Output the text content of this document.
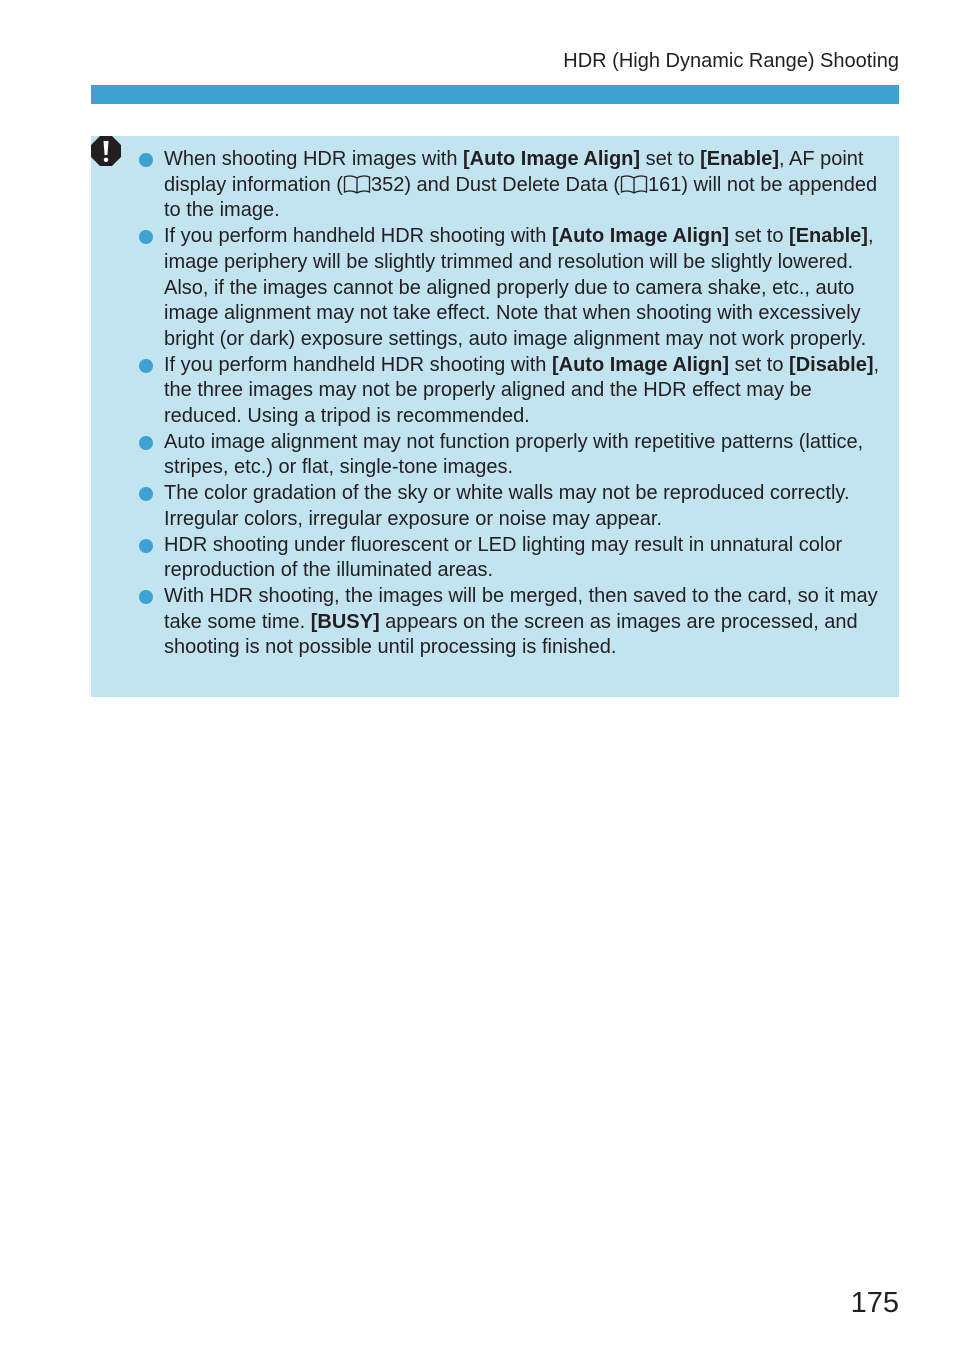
HDR (High Dynamic Range) Shooting
When shooting HDR images with [Auto Image Align] set to [Enable], AF point display information ( 352) and Dust Delete Data ( 161) will not be appended to the image.
If you perform handheld HDR shooting with [Auto Image Align] set to [Enable], image periphery will be slightly trimmed and resolution will be slightly lowered. Also, if the images cannot be aligned properly due to camera shake, etc., auto image alignment may not take effect. Note that when shooting with excessively bright (or dark) exposure settings, auto image alignment may not work properly.
If you perform handheld HDR shooting with [Auto Image Align] set to [Disable], the three images may not be properly aligned and the HDR effect may be reduced. Using a tripod is recommended.
Auto image alignment may not function properly with repetitive patterns (lattice, stripes, etc.) or flat, single-tone images.
The color gradation of the sky or white walls may not be reproduced correctly. Irregular colors, irregular exposure or noise may appear.
HDR shooting under fluorescent or LED lighting may result in unnatural color reproduction of the illuminated areas.
With HDR shooting, the images will be merged, then saved to the card, so it may take some time. [BUSY] appears on the screen as images are processed, and shooting is not possible until processing is finished.
175
